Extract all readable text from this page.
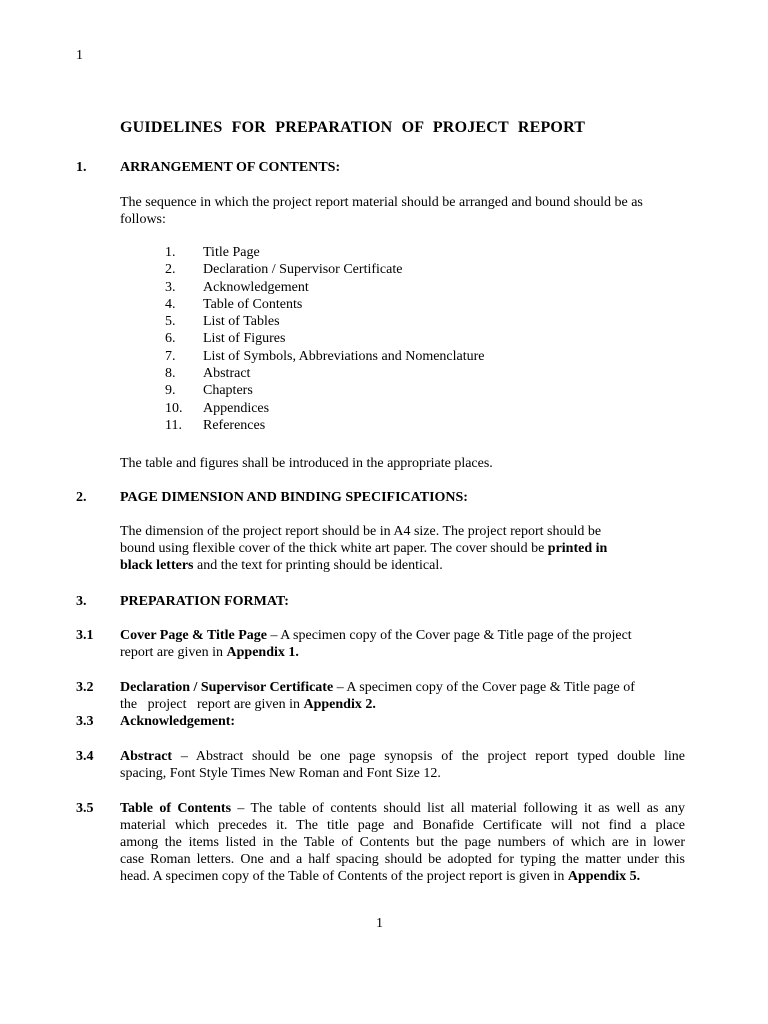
1
GUIDELINES FOR PREPARATION OF PROJECT REPORT
1. ARRANGEMENT OF CONTENTS:
The sequence in which the project report material should be arranged and bound should be as
follows:
1.	Title Page
2.	Declaration / Supervisor Certificate
3.	Acknowledgement
4.	Table of Contents
5.	List of Tables
6.	List of Figures
7.	List of Symbols, Abbreviations and Nomenclature
8.	Abstract
9.	Chapters
10.	Appendices
11.	References
The table and figures shall be introduced in the appropriate places.
2. PAGE DIMENSION AND BINDING SPECIFICATIONS:
The dimension of the project report should be in A4 size. The project report should be
bound using flexible cover of the thick white art paper. The cover should be printed in
black letters and the text for printing should be identical.
3. PREPARATION FORMAT:
3.1 Cover Page & Title Page – A specimen copy of the Cover page & Title page of the project
report are given in Appendix 1.
3.2 Declaration / Supervisor Certificate – A specimen copy of the Cover page & Title page of
the   project   report are given in Appendix 2.
3.3 Acknowledgement:
3.4 Abstract – Abstract should be one page synopsis of the project report typed double line
spacing, Font Style Times New Roman and Font Size 12.
3.5 Table of Contents – The table of contents should list all material following it as well as any
material which precedes it. The title page and Bonafide Certificate will not find a place
among the items listed in the Table of Contents but the page numbers of which are in lower
case Roman letters. One and a half spacing should be adopted for typing the matter under this
head. A specimen copy of the Table of Contents of the project report is given in Appendix 5.
1
